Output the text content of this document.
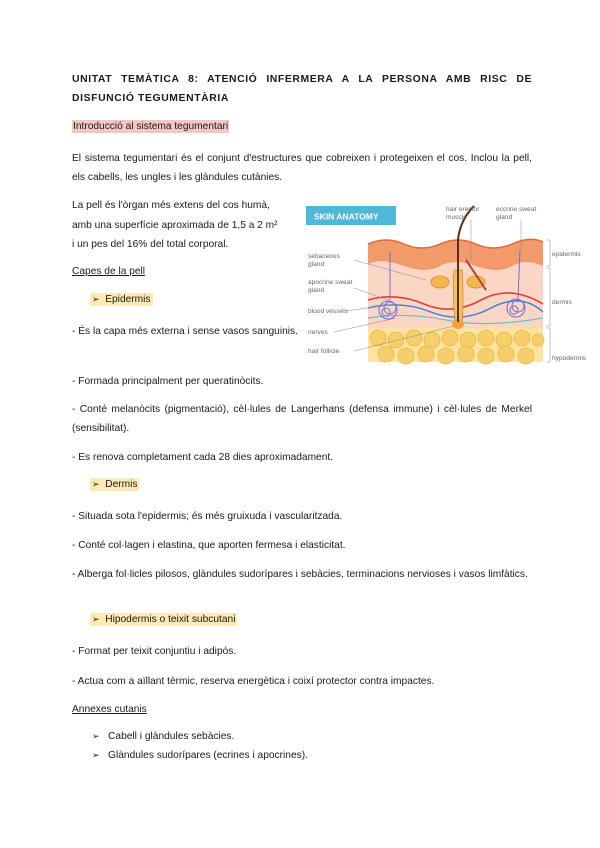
UNITAT TEMÀTICA 8: ATENCIÓ INFERMERA A LA PERSONA AMB RISC DE
DISFUNCIÓ TEGUMENTÀRIA
Introducció al sistema tegumentari
El sistema tegumentari és el conjunt d'estructures que cobreixen i protegeixen el cos. Inclou la pell, els cabells, les ungles i les glàndules cutànies.
La pell és l'òrgan més extens del cos humà,
amb una superfície aproximada de 1,5 a 2 m²
i un pes del 16% del total corporal.
Capes de la pell
➢ Epidermis
- És la capa més externa i sense vasos sanguinis.
- Formada principalment per queratinòcits.
- Conté melanòcits (pigmentació), cèl·lules de Langerhans (defensa immune) i cèl·lules de Merkel (sensibilitat).
- Es renova completament cada 28 dies aproximadament.
➢ Dermis
- Situada sota l'epidermis; és més gruixuda i vascularitzada.
- Conté col·lagen i elastina, que aporten fermesa i elasticitat.
- Alberga fol·licles pilosos, glàndules sudorípares i sebàcies, terminacions nervioses i vasos limfàtics.
➢ Hipodermis o teixit subcutani
- Format per teixit conjuntiu i adipós.
- Actua com a aïllant tèrmic, reserva energètica i coixí protector contra impactes.
Annexes cutanis
➢ Cabell i glàndules sebàcies.
➢ Glàndules sudorípares (ecrines i apocrines).
SKIN ANATOMY
sebaceous
gland
apocrine sweat
gland
blood vessels
nerves
hair follicle
hair erector
muscle
eccrine sweat
gland
epidermis
dermis
hypodermis
